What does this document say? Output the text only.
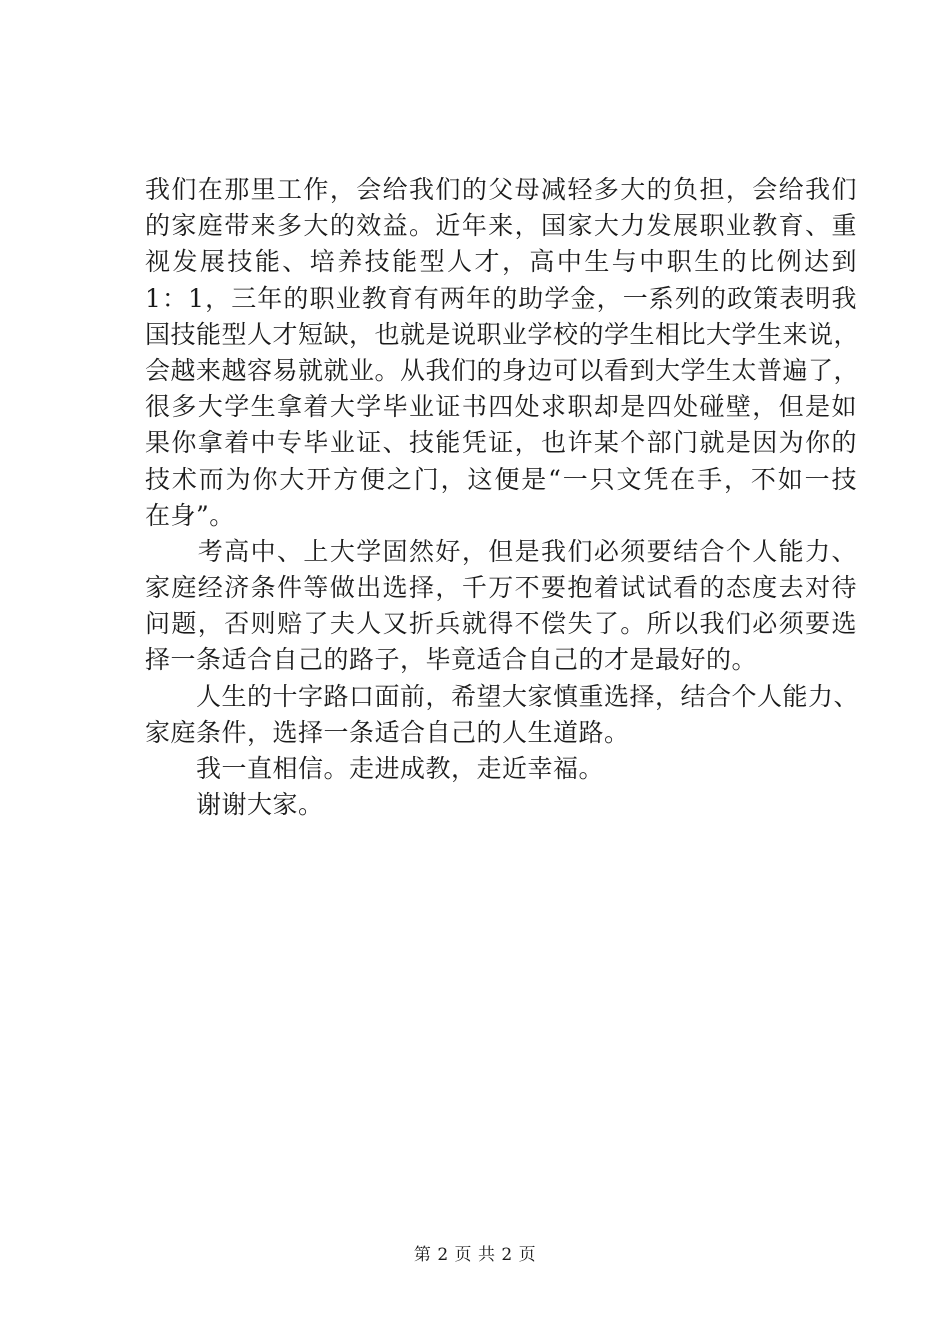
我们在那里工作，会给我们的父母减轻多大的负担，会给我们
的家庭带来多大的效益。近年来，国家大力发展职业教育、重
视发展技能、培养技能型人才，高中生与中职生的比例达到
1：1，三年的职业教育有两年的助学金，一系列的政策表明我
国技能型人才短缺，也就是说职业学校的学生相比大学生来说，
会越来越容易就就业。从我们的身边可以看到大学生太普遍了，
很多大学生拿着大学毕业证书四处求职却是四处碰壁，但是如
果你拿着中专毕业证、技能凭证，也许某个部门就是因为你的
技术而为你大开方便之门，这便是“一只文凭在手，不如一技
在身”。
　　考高中、上大学固然好，但是我们必须要结合个人能力、
家庭经济条件等做出选择，千万不要抱着试试看的态度去对待
问题，否则赔了夫人又折兵就得不偿失了。所以我们必须要选
择一条适合自己的路子，毕竟适合自己的才是最好的。
　　人生的十字路口面前，希望大家慎重选择，结合个人能力、
家庭条件，选择一条适合自己的人生道路。
　　我一直相信。走进成教，走近幸福。
　　谢谢大家。
第 2 页 共 2 页
